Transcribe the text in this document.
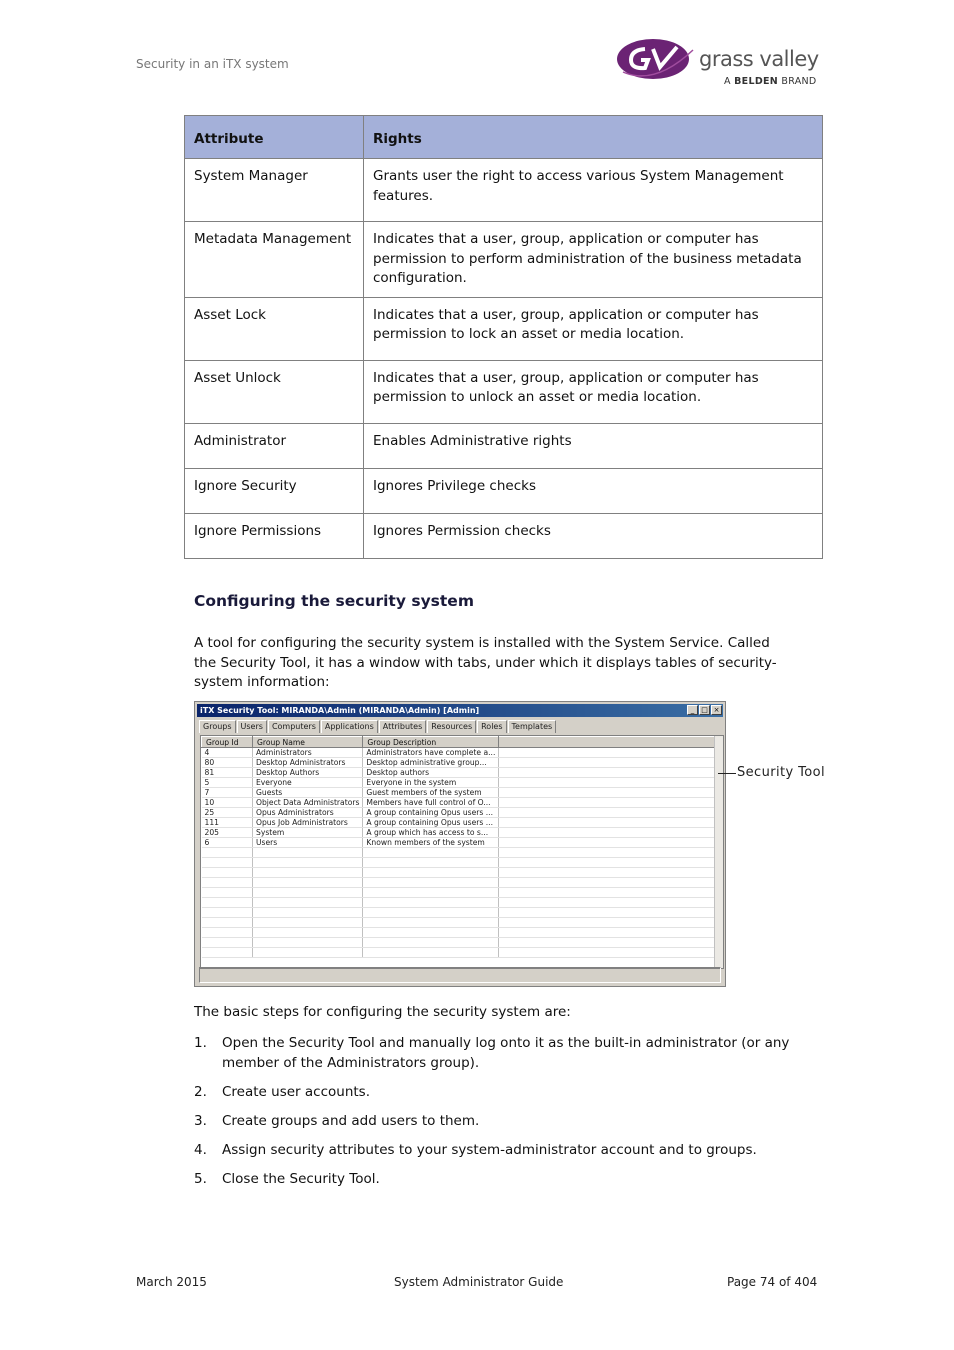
Security in an iTX system	grass valley
A BELDEN BRAND
Attribute	Rights
System Manager	Grants user the right to access various System Management features.
Metadata Management	Indicates that a user, group, application or computer has permission to perform administration of the business metadata configuration.
Asset Lock	Indicates that a user, group, application or computer has permission to lock an asset or media location.
Asset Unlock	Indicates that a user, group, application or computer has permission to unlock an asset or media location.
Administrator	Enables Administrative rights
Ignore Security	Ignores Privilege checks
Ignore Permissions	Ignores Permission checks
Configuring the security system

A tool for configuring the security system is installed with the System Service. Called the Security Tool, it has a window with tabs, under which it displays tables of security-system information:

iTX Security Tool: MIRANDA\Admin (MIRANDA\Admin) [Admin]	_ □ ×
Groups Users Computers Applications Attributes Resources Roles Templates
Group Id	Group Name	Group Description	
4	Administrators	Administrators have complete a...	
80	Desktop Administrators	Desktop administrative group...	
81	Desktop Authors	Desktop authors	
5	Everyone	Everyone in the system	
7	Guests	Guest members of the system	
10	Object Data Administrators	Members have full control of O...	
25	Opus Administrators	A group containing Opus users ...	
111	Opus Job Administrators	A group containing Opus users ...	
205	System	A group which has access to s...	
6	Users	Known members of the system	

Security Tool

The basic steps for configuring the security system are:

1. Open the Security Tool and manually log onto it as the built-in administrator (or any member of the Administrators group).
2. Create user accounts.
3. Create groups and add users to them.
4. Assign security attributes to your system-administrator account and to groups.
5. Close the Security Tool.
March 2015	System Administrator Guide	Page 74 of 404
